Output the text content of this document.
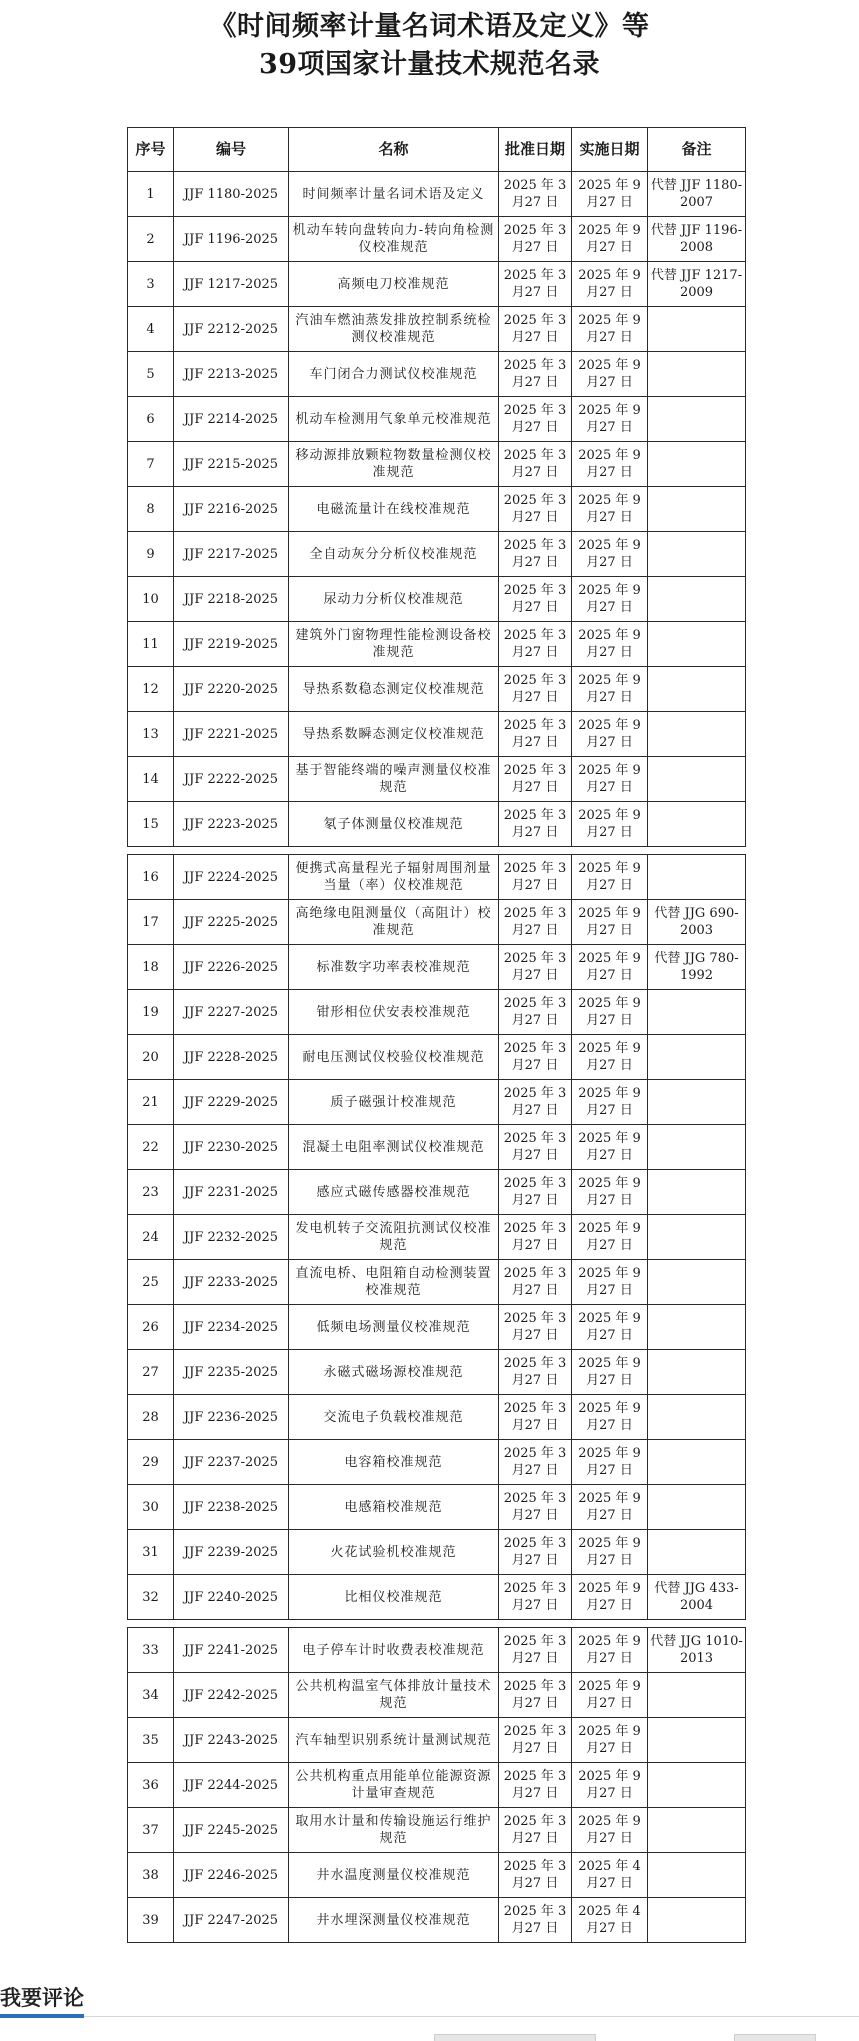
《时间频率计量名词术语及定义》等
39项国家计量技术规范名录
序号	编号	名称	批准日期	实施日期	备注
1	JJF 1180-2025	时间频率计量名词术语及定义	2025 年 3月27 日	2025 年 9月27 日	代替 JJF 1180-2007
2	JJF 1196-2025	机动车转向盘转向力-转向角检测仪校准规范	2025 年 3月27 日	2025 年 9月27 日	代替 JJF 1196-2008
3	JJF 1217-2025	高频电刀校准规范	2025 年 3月27 日	2025 年 9月27 日	代替 JJF 1217-2009
4	JJF 2212-2025	汽油车燃油蒸发排放控制系统检测仪校准规范	2025 年 3月27 日	2025 年 9月27 日	
5	JJF 2213-2025	车门闭合力测试仪校准规范	2025 年 3月27 日	2025 年 9月27 日	
6	JJF 2214-2025	机动车检测用气象单元校准规范	2025 年 3月27 日	2025 年 9月27 日	
7	JJF 2215-2025	移动源排放颗粒物数量检测仪校准规范	2025 年 3月27 日	2025 年 9月27 日	
8	JJF 2216-2025	电磁流量计在线校准规范	2025 年 3月27 日	2025 年 9月27 日	
9	JJF 2217-2025	全自动灰分分析仪校准规范	2025 年 3月27 日	2025 年 9月27 日	
10	JJF 2218-2025	尿动力分析仪校准规范	2025 年 3月27 日	2025 年 9月27 日	
11	JJF 2219-2025	建筑外门窗物理性能检测设备校准规范	2025 年 3月27 日	2025 年 9月27 日	
12	JJF 2220-2025	导热系数稳态测定仪校准规范	2025 年 3月27 日	2025 年 9月27 日	
13	JJF 2221-2025	导热系数瞬态测定仪校准规范	2025 年 3月27 日	2025 年 9月27 日	
14	JJF 2222-2025	基于智能终端的噪声测量仪校准规范	2025 年 3月27 日	2025 年 9月27 日	
15	JJF 2223-2025	氡子体测量仪校准规范	2025 年 3月27 日	2025 年 9月27 日	

16	JJF 2224-2025	便携式高量程光子辐射周围剂量当量（率）仪校准规范	2025 年 3月27 日	2025 年 9月27 日	
17	JJF 2225-2025	高绝缘电阻测量仪（高阻计）校准规范	2025 年 3月27 日	2025 年 9月27 日	代替 JJG 690-2003
18	JJF 2226-2025	标准数字功率表校准规范	2025 年 3月27 日	2025 年 9月27 日	代替 JJG 780-1992
19	JJF 2227-2025	钳形相位伏安表校准规范	2025 年 3月27 日	2025 年 9月27 日	
20	JJF 2228-2025	耐电压测试仪校验仪校准规范	2025 年 3月27 日	2025 年 9月27 日	
21	JJF 2229-2025	质子磁强计校准规范	2025 年 3月27 日	2025 年 9月27 日	
22	JJF 2230-2025	混凝土电阻率测试仪校准规范	2025 年 3月27 日	2025 年 9月27 日	
23	JJF 2231-2025	感应式磁传感器校准规范	2025 年 3月27 日	2025 年 9月27 日	
24	JJF 2232-2025	发电机转子交流阻抗测试仪校准规范	2025 年 3月27 日	2025 年 9月27 日	
25	JJF 2233-2025	直流电桥、电阻箱自动检测装置校准规范	2025 年 3月27 日	2025 年 9月27 日	
26	JJF 2234-2025	低频电场测量仪校准规范	2025 年 3月27 日	2025 年 9月27 日	
27	JJF 2235-2025	永磁式磁场源校准规范	2025 年 3月27 日	2025 年 9月27 日	
28	JJF 2236-2025	交流电子负载校准规范	2025 年 3月27 日	2025 年 9月27 日	
29	JJF 2237-2025	电容箱校准规范	2025 年 3月27 日	2025 年 9月27 日	
30	JJF 2238-2025	电感箱校准规范	2025 年 3月27 日	2025 年 9月27 日	
31	JJF 2239-2025	火花试验机校准规范	2025 年 3月27 日	2025 年 9月27 日	
32	JJF 2240-2025	比相仪校准规范	2025 年 3月27 日	2025 年 9月27 日	代替 JJG 433-2004

33	JJF 2241-2025	电子停车计时收费表校准规范	2025 年 3月27 日	2025 年 9月27 日	代替 JJG 1010-2013
34	JJF 2242-2025	公共机构温室气体排放计量技术规范	2025 年 3月27 日	2025 年 9月27 日	
35	JJF 2243-2025	汽车轴型识别系统计量测试规范	2025 年 3月27 日	2025 年 9月27 日	
36	JJF 2244-2025	公共机构重点用能单位能源资源计量审查规范	2025 年 3月27 日	2025 年 9月27 日	
37	JJF 2245-2025	取用水计量和传输设施运行维护规范	2025 年 3月27 日	2025 年 9月27 日	
38	JJF 2246-2025	井水温度测量仪校准规范	2025 年 3月27 日	2025 年 4月27 日	
39	JJF 2247-2025	井水埋深测量仪校准规范	2025 年 3月27 日	2025 年 4月27 日	
我要评论
